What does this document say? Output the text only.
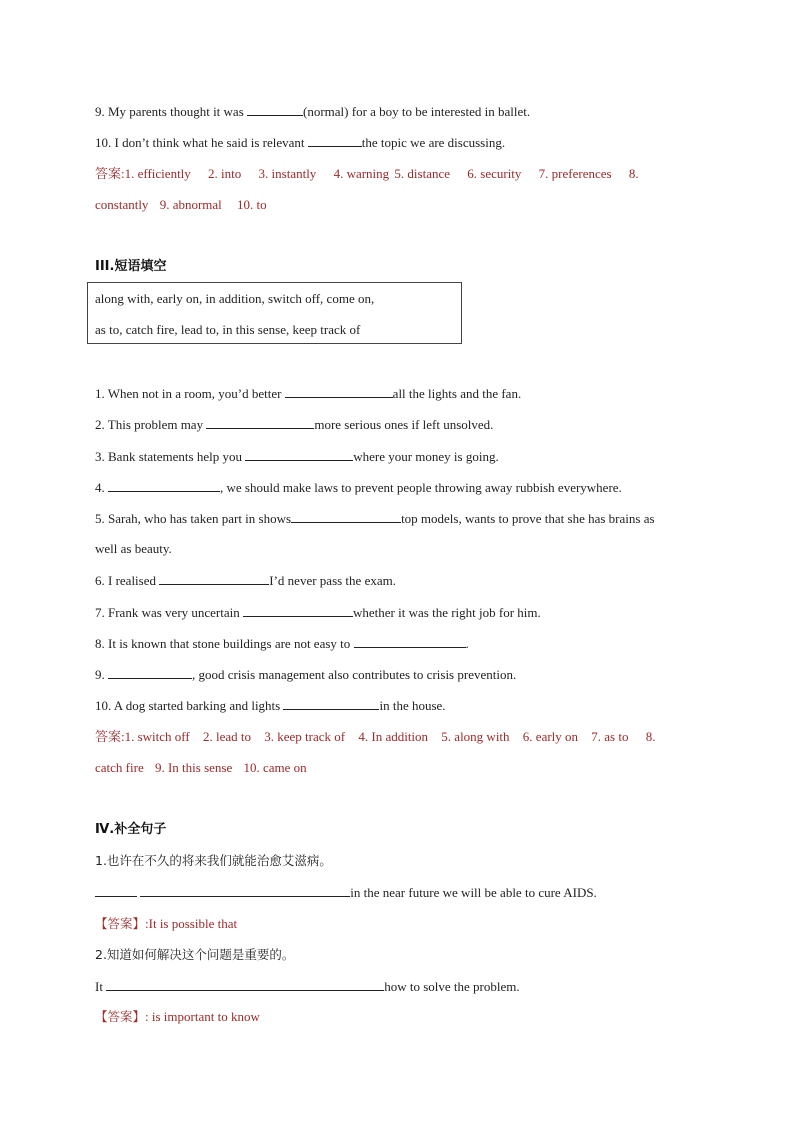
9. My parents thought it was	(normal) for a boy to be interested in ballet.
10. I don’t think what he said is relevant	the topic we are discussing.
答案:1. efficiently 2. into 3. instantly 4. warning 5. distance 6. security 7. preferences 8.
constantly 9. abnormal 10. to
III.短语填空
along with, early on, in addition, switch off, come on,
as to, catch fire, lead to, in this sense, keep track of
1. When not in a room, you’d better	all the lights and the fan.
2. This problem may	more serious ones if left unsolved.
3. Bank statements help you	where your money is going.
4.	, we should make laws to prevent people throwing away rubbish everywhere.
5. Sarah, who has taken part in shows	top models, wants to prove that she has brains as
well as beauty.
6. I realised	I’d never pass the exam.
7. Frank was very uncertain	whether it was the right job for him.
8. It is known that stone buildings are not easy to	.
9.	, good crisis management also contributes to crisis prevention.
10. A dog started barking and lights	in the house.
答案:1. switch off 2. lead to 3. keep track of 4. In addition 5. along with 6. early on 7. as to 8.
catch fire 9. In this sense 10. came on
Ⅳ.补全句子
1.也许在不久的将来我们就能治愈艾滋病。
in the near future we will be able to cure AIDS.
【答案】:It is possible that
2.知道如何解决这个问题是重要的。
It	how to solve the problem.
【答案】: is important to know
